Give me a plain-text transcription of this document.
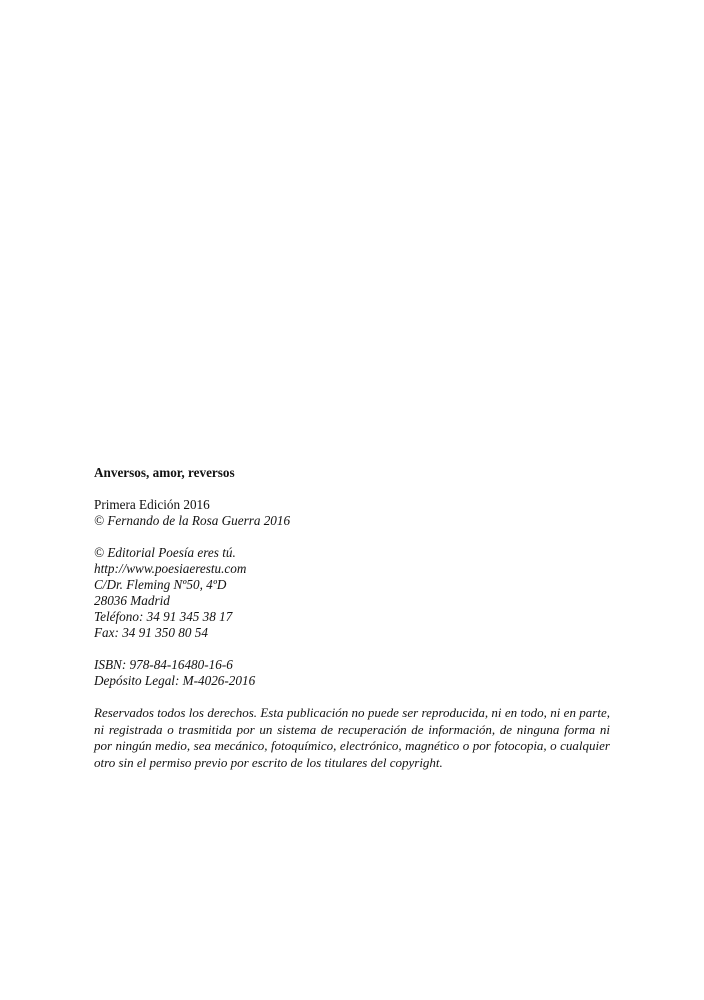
Anversos, amor, reversos

Primera Edición 2016
© Fernando de la Rosa Guerra 2016
© Editorial Poesía eres tú.
http://www.poesiaerestu.com
C/Dr. Fleming Nº50, 4ºD
28036 Madrid
Teléfono: 34 91 345 38 17
Fax: 34 91 350 80 54
ISBN: 978-84-16480-16-6
Depósito Legal: M-4026-2016

Reservados todos los derechos. Esta publicación no puede ser reproducida, ni en todo, ni en parte, ni registrada o trasmitida por un sistema de recuperación de información, de ninguna forma ni por ningún medio, sea mecánico, fotoquímico, electrónico, magnético o por fotocopia, o cualquier otro sin el permiso previo por escrito de los titulares del copyright.
